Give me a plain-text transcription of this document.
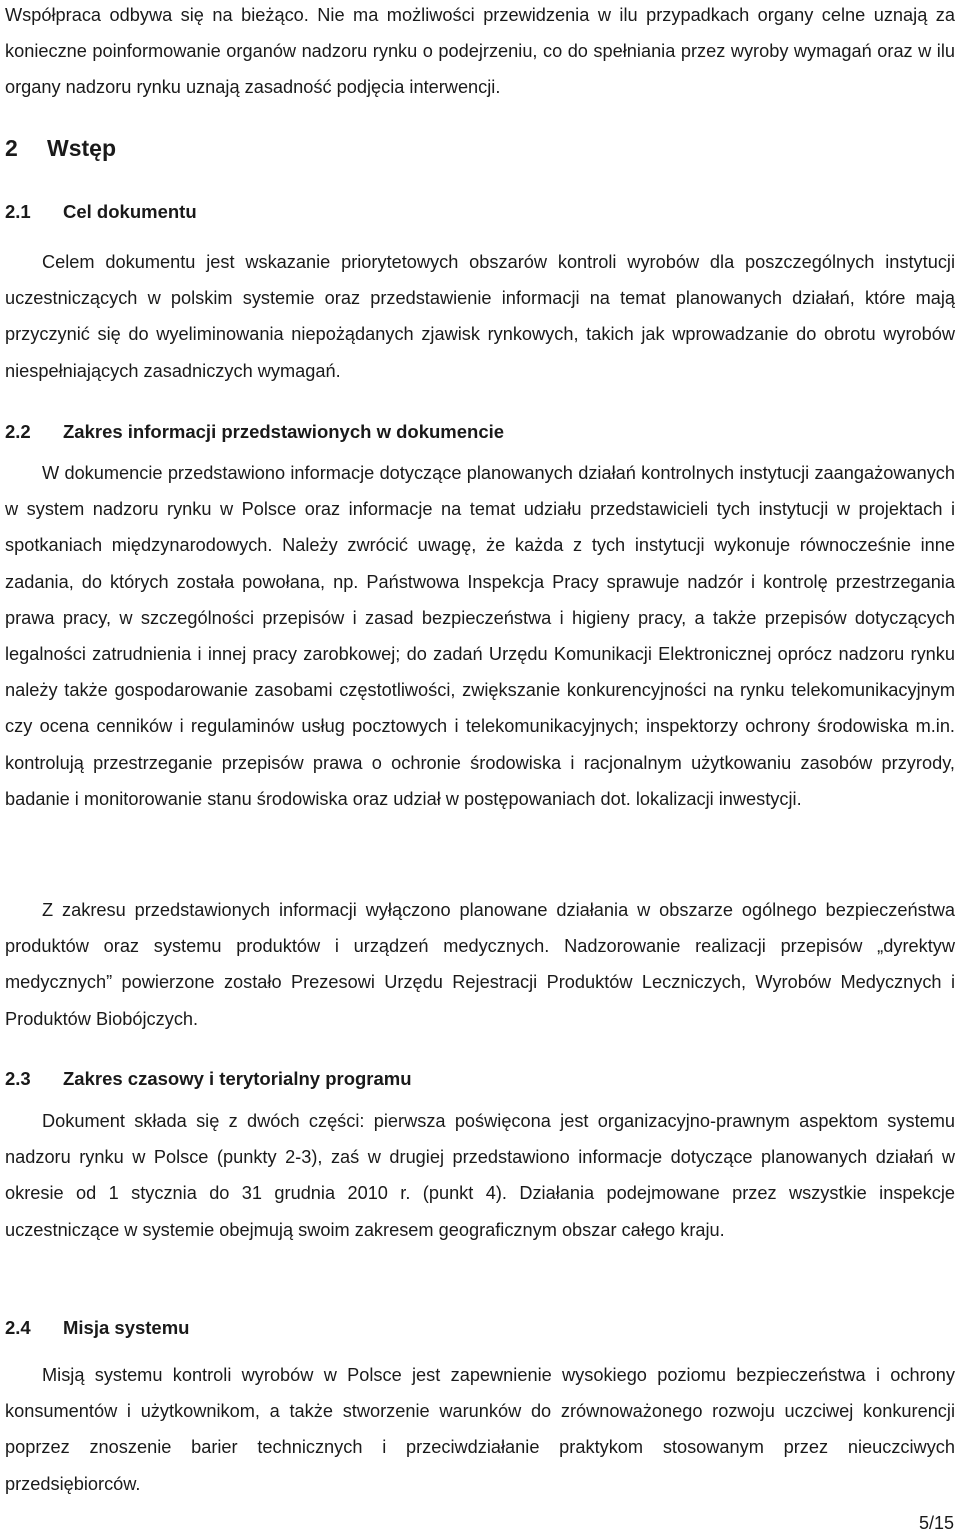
Współpraca odbywa się na bieżąco. Nie ma możliwości przewidzenia w ilu przypadkach organy celne uznają za konieczne poinformowanie organów nadzoru rynku o podejrzeniu, co do spełniania przez wyroby wymagań oraz w ilu organy nadzoru rynku uznają zasadność podjęcia interwencji.

2 Wstęp
2.1 Cel dokumentu

Celem dokumentu jest wskazanie priorytetowych obszarów kontroli wyrobów dla poszczególnych instytucji uczestniczących w polskim systemie oraz przedstawienie informacji na temat planowanych działań, które mają przyczynić się do wyeliminowania niepożądanych zjawisk rynkowych, takich jak wprowadzanie do obrotu wyrobów niespełniających zasadniczych wymagań.

2.2 Zakres informacji przedstawionych w dokumencie

W dokumencie przedstawiono informacje dotyczące planowanych działań kontrolnych instytucji zaangażowanych w system nadzoru rynku w Polsce oraz informacje na temat udziału przedstawicieli tych instytucji w projektach i spotkaniach międzynarodowych. Należy zwrócić uwagę, że każda z tych instytucji wykonuje równocześnie inne zadania, do których została powołana, np. Państwowa Inspekcja Pracy sprawuje nadzór i kontrolę przestrzegania prawa pracy, w szczególności przepisów i zasad bezpieczeństwa i higieny pracy, a także przepisów dotyczących legalności zatrudnienia i innej pracy zarobkowej; do zadań Urzędu Komunikacji Elektronicznej oprócz nadzoru rynku należy także gospodarowanie zasobami częstotliwości, zwiększanie konkurencyjności na rynku telekomunikacyjnym czy ocena cenników i regulaminów usług pocztowych i telekomunikacyjnych; inspektorzy ochrony środowiska m.in. kontrolują przestrzeganie przepisów prawa o ochronie środowiska i racjonalnym użytkowaniu zasobów przyrody, badanie i monitorowanie stanu środowiska oraz udział w postępowaniach dot. lokalizacji inwestycji.

Z zakresu przedstawionych informacji wyłączono planowane działania w obszarze ogólnego bezpieczeństwa produktów oraz systemu produktów i urządzeń medycznych. Nadzorowanie realizacji przepisów „dyrektyw medycznych” powierzone zostało Prezesowi Urzędu Rejestracji Produktów Leczniczych, Wyrobów Medycznych i Produktów Biobójczych.

2.3 Zakres czasowy i terytorialny programu

Dokument składa się z dwóch części: pierwsza poświęcona jest organizacyjno-prawnym aspektom systemu nadzoru rynku w Polsce (punkty 2-3), zaś w drugiej przedstawiono informacje dotyczące planowanych działań w okresie od 1 stycznia do 31 grudnia 2010 r. (punkt 4). Działania podejmowane przez wszystkie inspekcje uczestniczące w systemie obejmują swoim zakresem geograficznym obszar całego kraju.

2.4 Misja systemu

Misją systemu kontroli wyrobów w Polsce jest zapewnienie wysokiego poziomu bezpieczeństwa i ochrony konsumentów i użytkownikom, a także stworzenie warunków do zrównoważonego rozwoju uczciwej konkurencji poprzez znoszenie barier technicznych i przeciwdziałanie praktykom stosowanym przez nieuczciwych przedsiębiorców.

5/15
